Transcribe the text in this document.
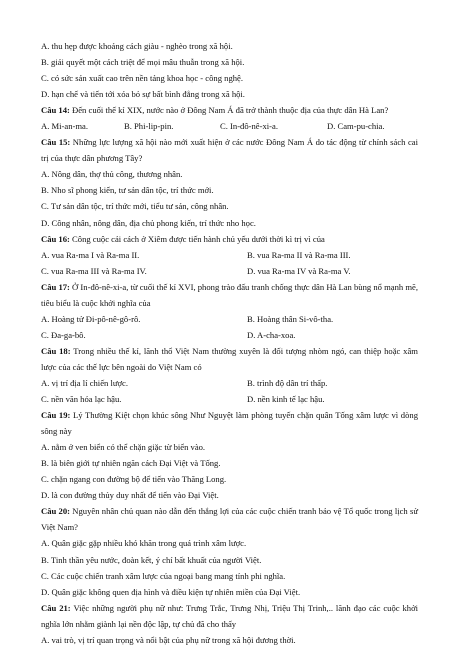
A. thu hẹp được khoảng cách giàu - nghèo trong xã hội.
B. giải quyết một cách triệt để mọi mâu thuẫn trong xã hội.
C. có sức sản xuất cao trên nền tảng khoa học - công nghệ.
D. hạn chế và tiến tới xóa bỏ sự bất bình đẳng trong xã hội.
Câu 14: Đến cuối thế kỉ XIX, nước nào ở Đông Nam Á đã trở thành thuộc địa của thực dân Hà Lan?
A. Mi-an-ma.	B. Phi-lip-pin.	C. In-đô-nê-xi-a.	D. Cam-pu-chia.
Câu 15: Những lực lượng xã hội nào mới xuất hiện ở các nước Đông Nam Á do tác động từ chính sách cai trị của thực dân phương Tây?
A. Nông dân, thợ thủ công, thương nhân.
B. Nho sĩ phong kiến, tư sản dân tộc, trí thức mới.
C. Tư sản dân tộc, trí thức mới, tiểu tư sản, công nhân.
D. Công nhân, nông dân, địa chủ phong kiến, trí thức nho học.
Câu 16: Công cuộc cải cách ở Xiêm được tiến hành chủ yếu dưới thời kì trị vì của
A. vua Ra-ma I và Ra-ma II.	B. vua Ra-ma II và Ra-ma III.
C. vua Ra-ma III và Ra-ma IV.	D. vua Ra-ma IV và Ra-ma V.
Câu 17: Ở In-đô-nê-xi-a, từ cuối thế kỉ XVI, phong trào đấu tranh chống thực dân Hà Lan bùng nổ mạnh mẽ, tiêu biểu là cuộc khởi nghĩa của
A. Hoàng tử Đi-pô-nê-gô-rô.	B. Hoàng thân Si-vô-tha.
C. Đa-ga-bô.	D. A-cha-xoa.
Câu 18: Trong nhiều thế kỉ, lãnh thổ Việt Nam thường xuyên là đối tượng nhòm ngó, can thiệp hoặc xâm lược của các thế lực bên ngoài do Việt Nam có
A. vị trí địa lí chiến lược.	B. trình độ dân trí thấp.
C. nền văn hóa lạc hậu.	D. nền kinh tế lạc hậu.
Câu 19: Lý Thường Kiệt chọn khúc sông Như Nguyệt làm phòng tuyến chặn quân Tống xâm lược vì dòng sông này
A. nằm ở ven biển có thể chặn giặc từ biển vào.
B. là biên giới tự nhiên ngăn cách Đại Việt và Tống.
C. chặn ngang con đường bộ để tiến vào Thăng Long.
D. là con đường thủy duy nhất để tiến vào Đại Việt.
Câu 20: Nguyên nhân chủ quan nào dẫn đến thắng lợi của các cuộc chiến tranh bảo vệ Tổ quốc trong lịch sử Việt Nam?
A. Quân giặc gặp nhiều khó khăn trong quá trình xâm lược.
B. Tinh thần yêu nước, đoàn kết, ý chí bất khuất của người Việt.
C. Các cuộc chiến tranh xâm lược của ngoại bang mang tính phi nghĩa.
D. Quân giặc không quen địa hình và điều kiện tự nhiên miền của Đại Việt.
Câu 21: Việc những người phụ nữ như: Trưng Trắc, Trưng Nhị, Triệu Thị Trinh,.. lãnh đạo các cuộc khởi nghĩa lớn nhằm giành lại nền độc lập, tự chủ đã cho thấy
A. vai trò, vị trí quan trọng và nổi bật của phụ nữ trong xã hội đương thời.
